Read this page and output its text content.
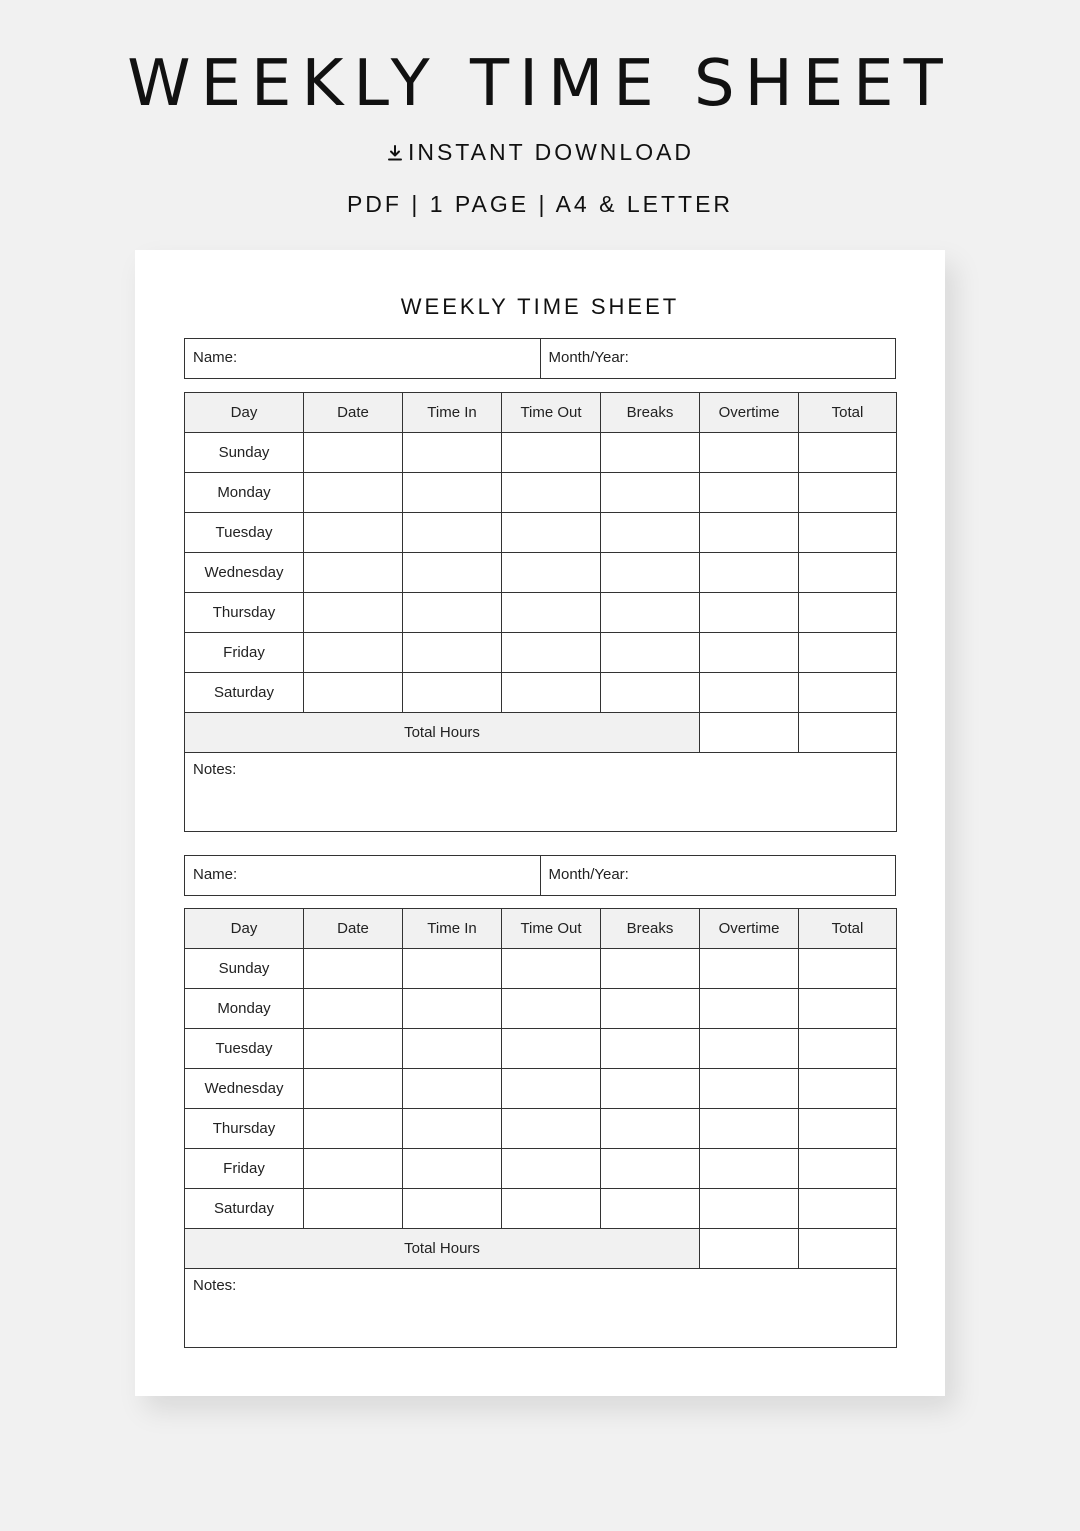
WEEKLY TIME SHEET
INSTANT DOWNLOAD
PDF | 1 PAGE | A4 & LETTER
WEEKLY TIME SHEET
Name:	Month/Year:
Day	Date	Time In	Time Out	Breaks	Overtime	Total
Sunday						
Monday						
Tuesday						
Wednesday						
Thursday						
Friday						
Saturday						
Total Hours						
Notes:						
Name:	Month/Year:
Day	Date	Time In	Time Out	Breaks	Overtime	Total
Sunday						
Monday						
Tuesday						
Wednesday						
Thursday						
Friday						
Saturday						
Total Hours						
Notes:						
